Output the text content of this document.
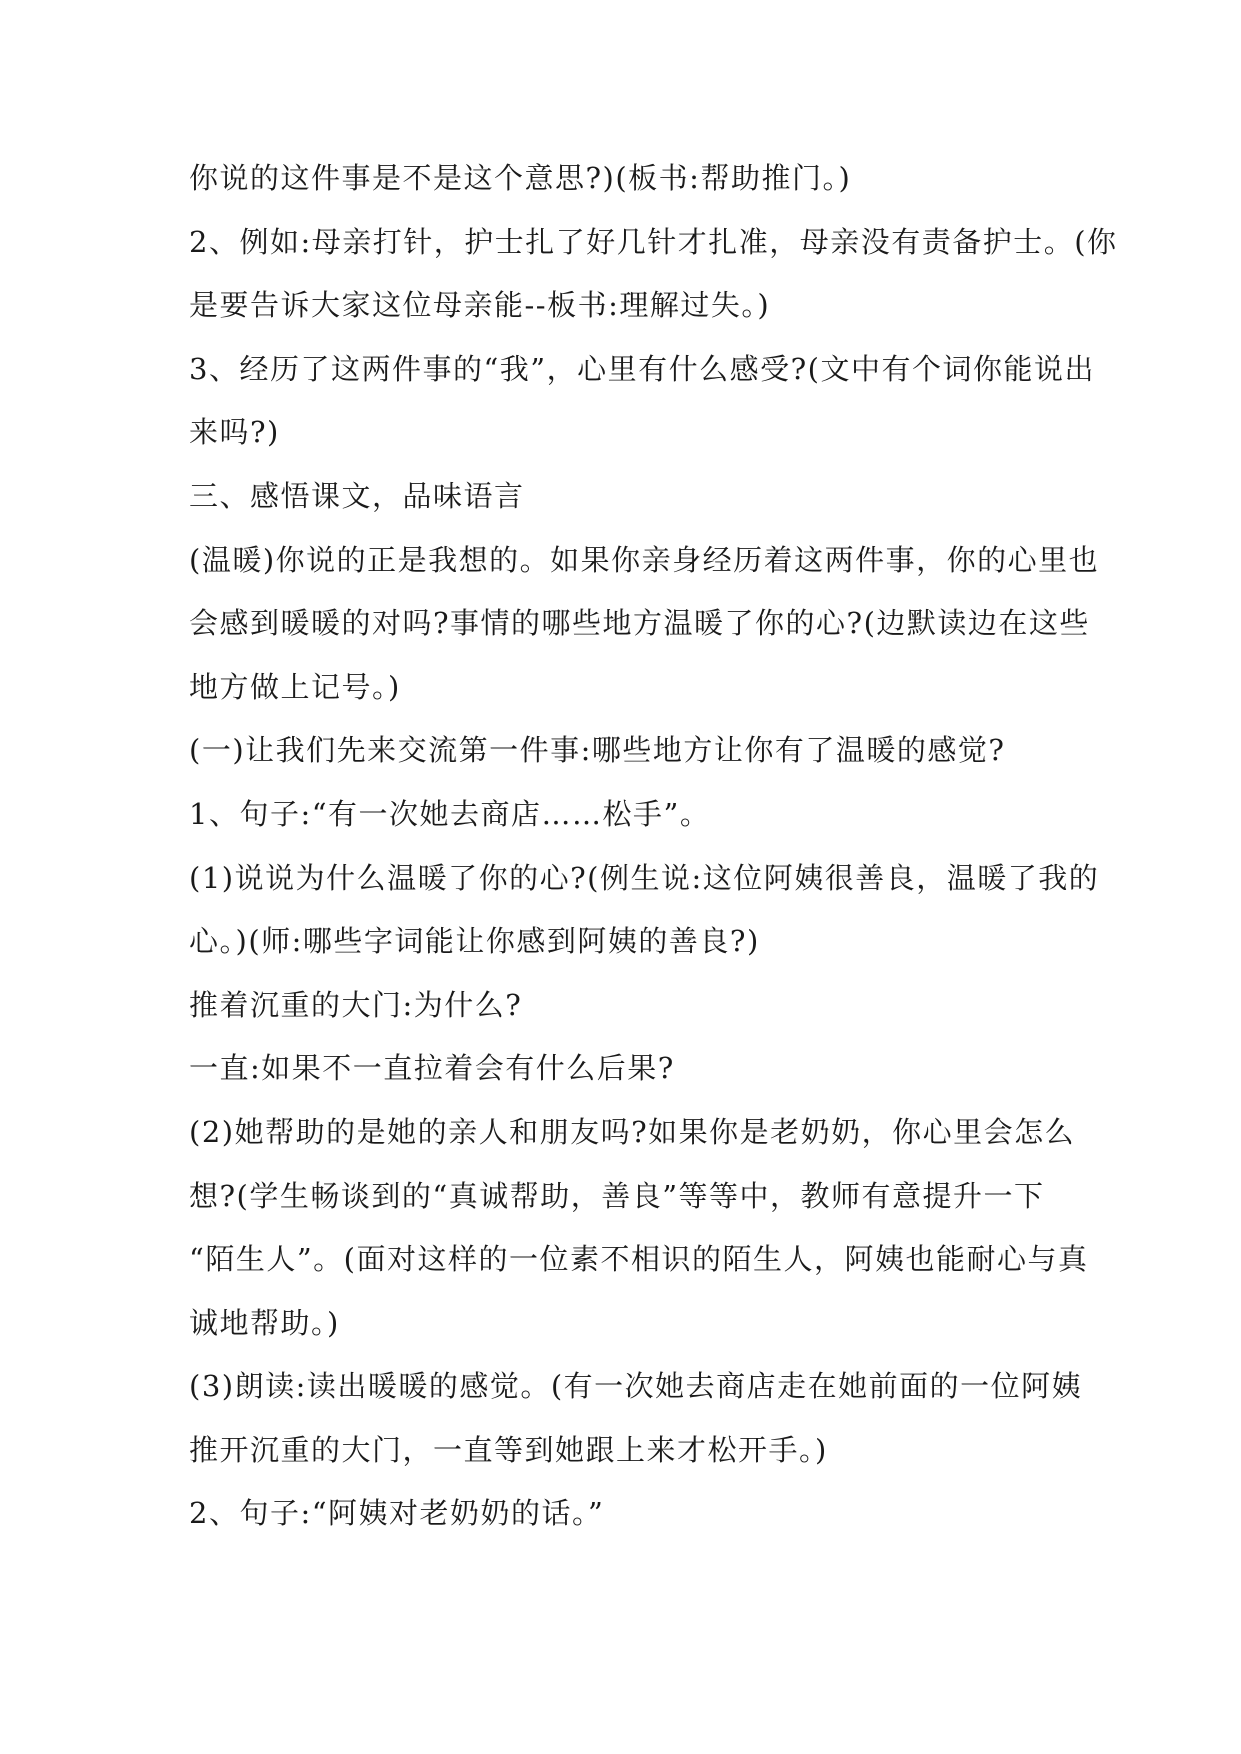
你说的这件事是不是这个意思?)(板书:帮助推门。)
2、例如:母亲打针，护士扎了好几针才扎准，母亲没有责备护士。(你
是要告诉大家这位母亲能--板书:理解过失。)
3、经历了这两件事的“我”，心里有什么感受?(文中有个词你能说出
来吗?)
三、感悟课文，品味语言
(温暖)你说的正是我想的。如果你亲身经历着这两件事，你的心里也
会感到暖暖的对吗?事情的哪些地方温暖了你的心?(边默读边在这些
地方做上记号。)
(一)让我们先来交流第一件事:哪些地方让你有了温暖的感觉?
1、句子:“有一次她去商店……松手”。
(1)说说为什么温暖了你的心?(例生说:这位阿姨很善良，温暖了我的
心。)(师:哪些字词能让你感到阿姨的善良?)
推着沉重的大门:为什么?
一直:如果不一直拉着会有什么后果?
(2)她帮助的是她的亲人和朋友吗?如果你是老奶奶，你心里会怎么
想?(学生畅谈到的“真诚帮助，善良”等等中，教师有意提升一下
“陌生人”。(面对这样的一位素不相识的陌生人，阿姨也能耐心与真
诚地帮助。)
(3)朗读:读出暖暖的感觉。(有一次她去商店走在她前面的一位阿姨
推开沉重的大门，一直等到她跟上来才松开手。)
2、句子:“阿姨对老奶奶的话。”
